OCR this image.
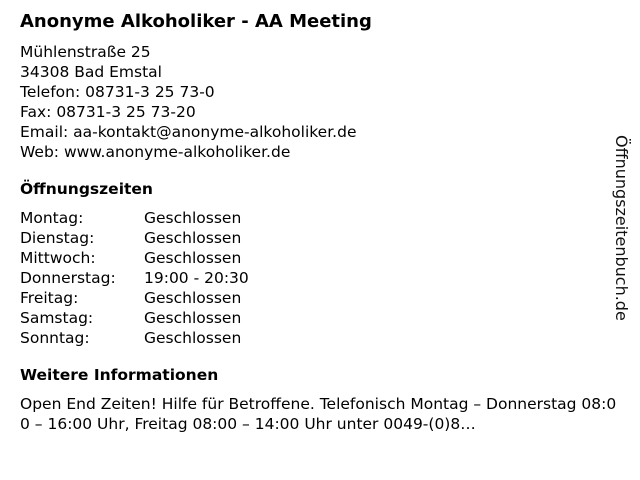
Anonyme Alkoholiker - AA Meeting
Mühlenstraße 25
34308 Bad Emstal
Telefon: 08731-3 25 73-0
Fax: 08731-3 25 73-20
Email: aa-kontakt@anonyme-alkoholiker.de
Web: www.anonyme-alkoholiker.de
Öffnungszeiten
Montag:	Geschlossen
Dienstag:	Geschlossen
Mittwoch:	Geschlossen
Donnerstag:	19:00 - 20:30
Freitag:	Geschlossen
Samstag:	Geschlossen
Sonntag:	Geschlossen
Weitere Informationen
Open End Zeiten! Hilfe für Betroffene. Telefonisch Montag – Donnerstag 08:00 – 16:00 Uhr, Freitag 08:00 – 14:00 Uhr unter 0049-(0)8…
Öffnungszeitenbuch.de
